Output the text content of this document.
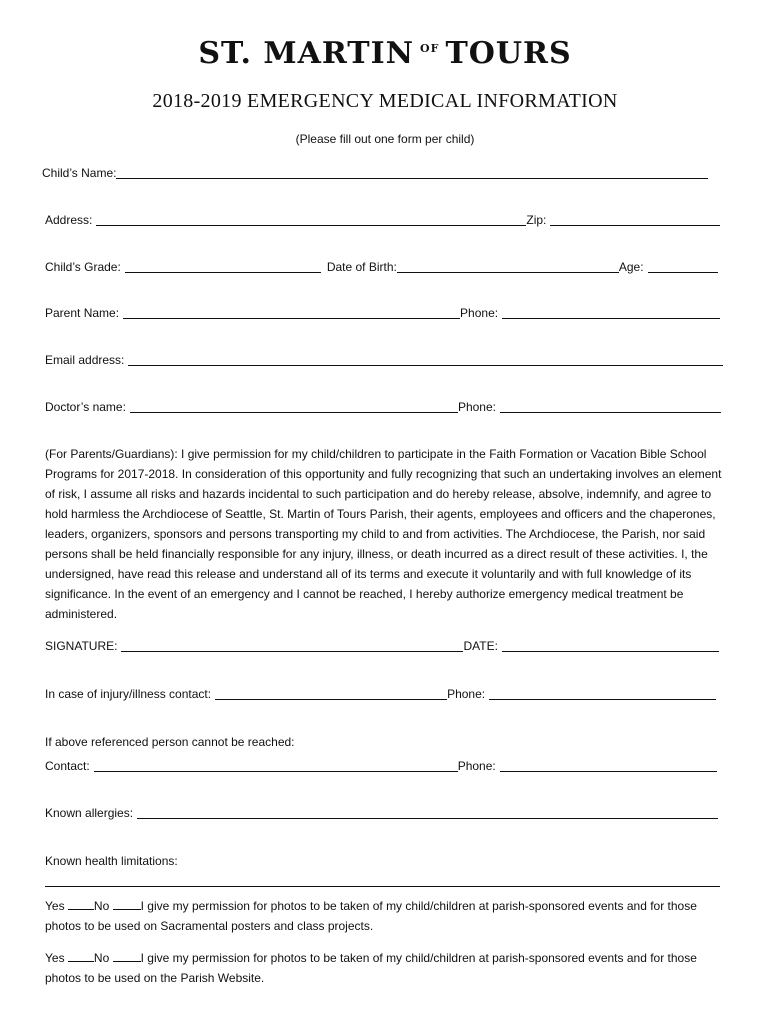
ST. MARTIN $^{OF}$ TOURS
2018-2019 EMERGENCY MEDICAL INFORMATION
(Please fill out one form per child)
Child’s Name:
Address:	Zip:
Child’s Grade:	Date of Birth:	Age:
Parent Name:	Phone:
Email address:
Doctor’s name:	Phone:
(For Parents/Guardians): I give permission for my child/children to participate in the Faith Formation or Vacation Bible School Programs for 2017-2018. In consideration of this opportunity and fully recognizing that such an undertaking involves an element of risk, I assume all risks and hazards incidental to such participation and do hereby release, absolve, indemnify, and agree to hold harmless the Archdiocese of Seattle, St. Martin of Tours Parish, their agents, employees and officers and the chaperones, leaders, organizers, sponsors and persons transporting my child to and from activities. The Archdiocese, the Parish, nor said persons shall be held financially responsible for any injury, illness, or death incurred as a direct result of these activities. I, the undersigned, have read this release and understand all of its terms and execute it voluntarily and with full knowledge of its significance. In the event of an emergency and I cannot be reached, I hereby authorize emergency medical treatment be administered.
SIGNATURE:	DATE:
In case of injury/illness contact:	Phone:
If above referenced person cannot be reached:
Contact:	Phone:
Known allergies:
Known health limitations:
Yes No	I give my permission for photos to be taken of my child/children at parish-sponsored events and for those photos to be used on Sacramental posters and class projects.
Yes No	I give my permission for photos to be taken of my child/children at parish-sponsored events and for those photos to be used on the Parish Website.
